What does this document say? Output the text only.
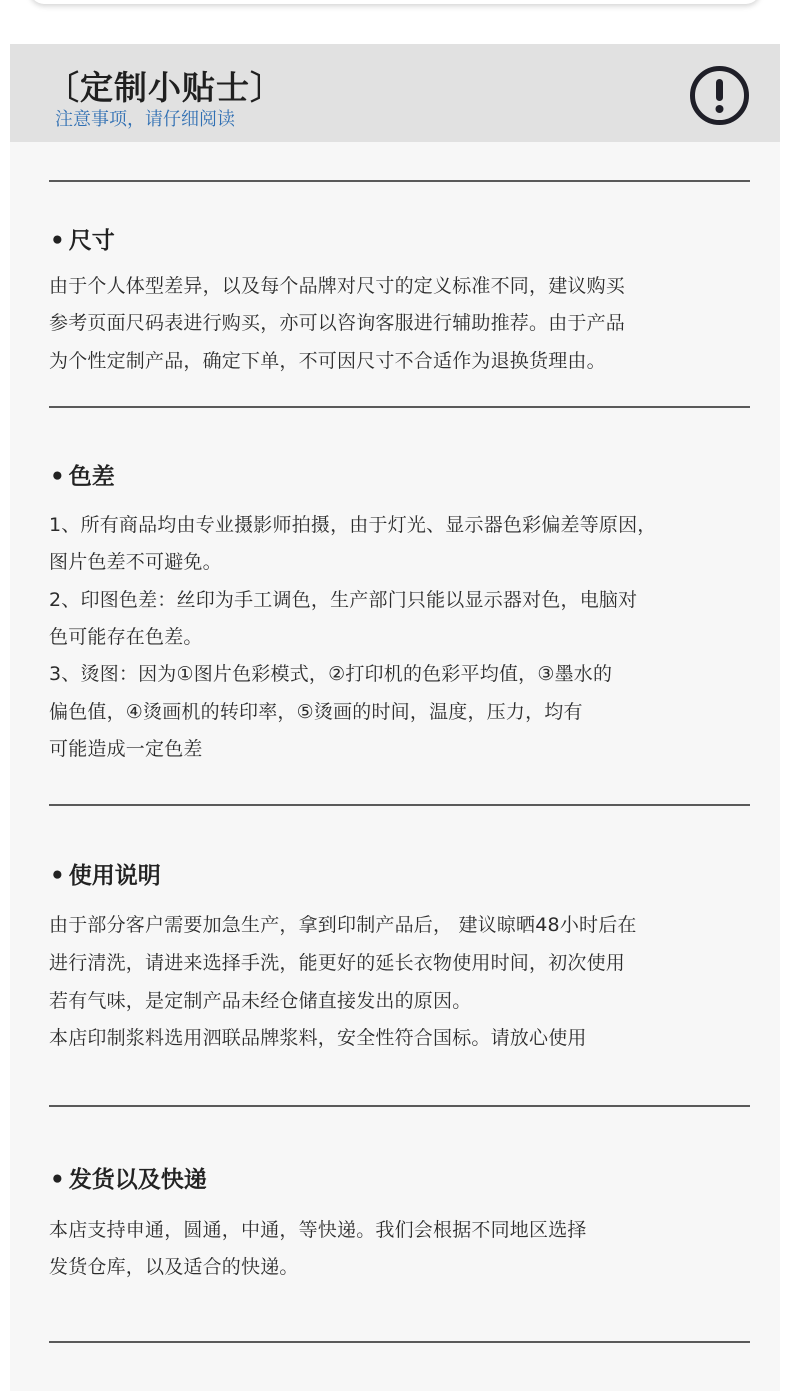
〔定制小贴士〕
注意事项，请仔细阅读
• 尺寸
由于个人体型差异，以及每个品牌对尺寸的定义标准不同，建议购买
参考页面尺码表进行购买，亦可以咨询客服进行辅助推荐。由于产品
为个性定制产品，确定下单，不可因尺寸不合适作为退换货理由。
• 色差
1、所有商品均由专业摄影师拍摄，由于灯光、显示器色彩偏差等原因，
图片色差不可避免。
2、印图色差：丝印为手工调色，生产部门只能以显示器对色，电脑对
色可能存在色差。
3、烫图：因为①图片色彩模式，②打印机的色彩平均值，③墨水的
偏色值，④烫画机的转印率，⑤烫画的时间，温度，压力，均有
可能造成一定色差
• 使用说明
由于部分客户需要加急生产，拿到印制产品后， 建议晾晒48小时后在
进行清洗，请进来选择手洗，能更好的延长衣物使用时间，初次使用
若有气味，是定制产品未经仓储直接发出的原因。
本店印制浆料选用泗联品牌浆料，安全性符合国标。请放心使用
• 发货以及快递
本店支持申通，圆通，中通，等快递。我们会根据不同地区选择
发货仓库，以及适合的快递。
